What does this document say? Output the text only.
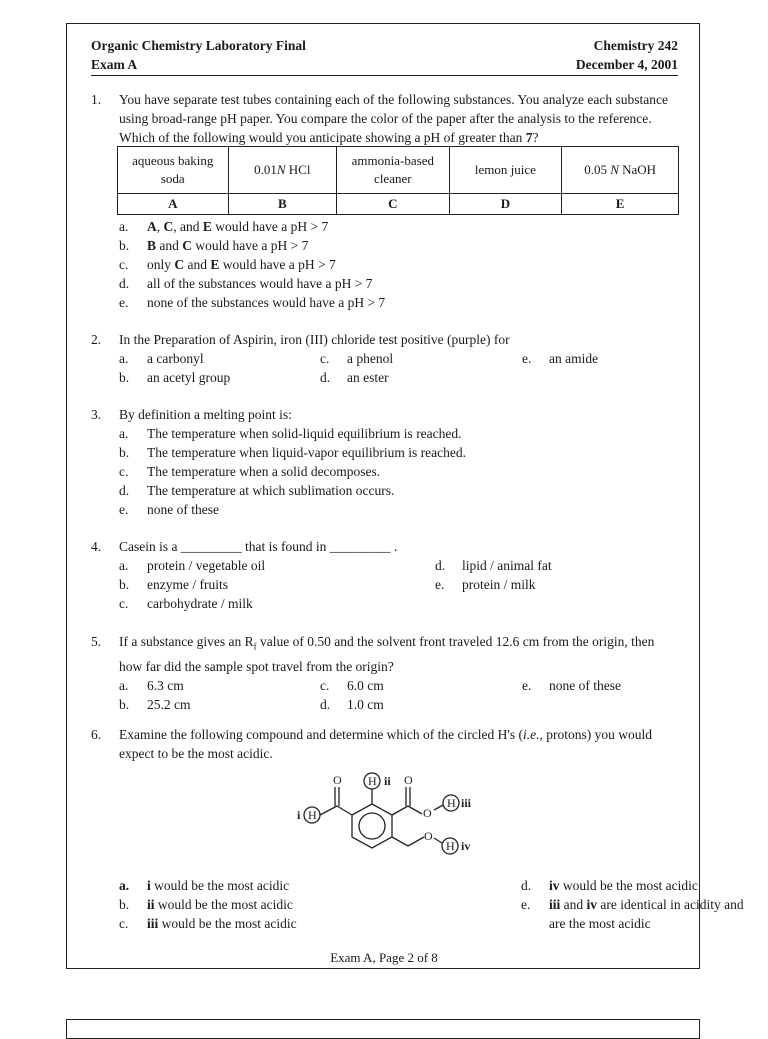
Organic Chemistry Laboratory Final
Exam A
Chemistry 242
December 4, 2001
1. You have separate test tubes containing each of the following substances. You analyze each substance using broad-range pH paper. You compare the color of the paper after the analysis to the reference. Which of the following would you anticipate showing a pH of greater than 7?
aqueous baking soda	0.01N HCl	ammonia-based cleaner	lemon juice	0.05 N NaOH
A	B	C	D	E
a. A, C, and E would have a pH > 7
b. B and C would have a pH > 7
c. only C and E would have a pH > 7
d. all of the substances would have a pH > 7
e. none of the substances would have a pH > 7
2. In the Preparation of Aspirin, iron (III) chloride test positive (purple) for
a. a carbonyl	c. a phenol	e. an amide
b. an acetyl group	d. an ester
3. By definition a melting point is:
a. The temperature when solid-liquid equilibrium is reached.
b. The temperature when liquid-vapor equilibrium is reached.
c. The temperature when a solid decomposes.
d. The temperature at which sublimation occurs.
e. none of these
4. Casein is a _________ that is found in _________ .
a. protein / vegetable oil	d. lipid / animal fat
b. enzyme / fruits	e. protein / milk
c. carbohydrate / milk
5. If a substance gives an $R_f$ value of 0.50 and the solvent front traveled 12.6 cm from the origin, then how far did the sample spot travel from the origin?
a. 6.3 cm	c. 6.0 cm	e. none of these
b. 25.2 cm	d. 1.0 cm
6. Examine the following compound and determine which of the circled H's (i.e., protons) you would expect to be the most acidic.
O	O
O
O
H
H
H
H
i
ii
iii
iv
a. i would be the most acidic	d. iv would be the most acidic
b. ii would be the most acidic	e. iii and iv are identical in acidity and
c. iii would be the most acidic	are the most acidic
Exam A, Page 2 of 8
